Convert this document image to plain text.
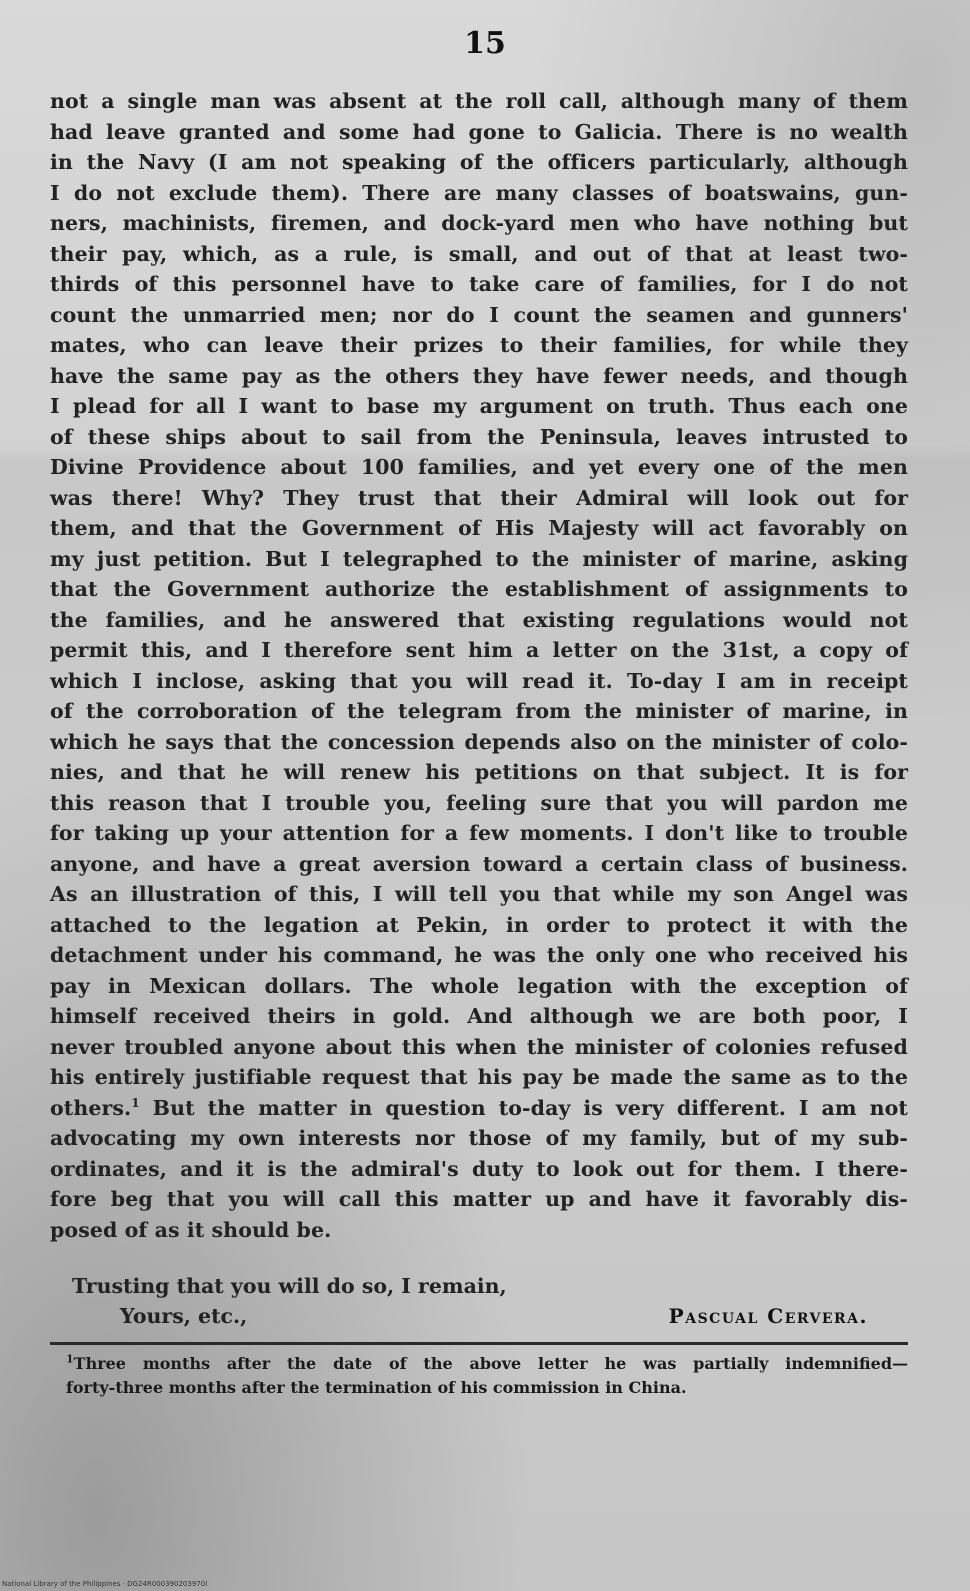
15
not a single man was absent at the roll call, although many of them
had leave granted and some had gone to Galicia. There is no wealth
in the Navy (I am not speaking of the officers particularly, although
I do not exclude them). There are many classes of boatswains, gun-
ners, machinists, firemen, and dock-yard men who have nothing but
their pay, which, as a rule, is small, and out of that at least two-
thirds of this personnel have to take care of families, for I do not
count the unmarried men; nor do I count the seamen and gunners'
mates, who can leave their prizes to their families, for while they
have the same pay as the others they have fewer needs, and though
I plead for all I want to base my argument on truth. Thus each one
of these ships about to sail from the Peninsula, leaves intrusted to
Divine Providence about 100 families, and yet every one of the men
was there! Why? They trust that their Admiral will look out for
them, and that the Government of His Majesty will act favorably on
my just petition. But I telegraphed to the minister of marine, asking
that the Government authorize the establishment of assignments to
the families, and he answered that existing regulations would not
permit this, and I therefore sent him a letter on the 31st, a copy of
which I inclose, asking that you will read it. To-day I am in receipt
of the corroboration of the telegram from the minister of marine, in
which he says that the concession depends also on the minister of colo-
nies, and that he will renew his petitions on that subject. It is for
this reason that I trouble you, feeling sure that you will pardon me
for taking up your attention for a few moments. I don't like to trouble
anyone, and have a great aversion toward a certain class of business.
As an illustration of this, I will tell you that while my son Angel was
attached to the legation at Pekin, in order to protect it with the
detachment under his command, he was the only one who received his
pay in Mexican dollars. The whole legation with the exception of
himself received theirs in gold. And although we are both poor, I
never troubled anyone about this when the minister of colonies refused
his entirely justifiable request that his pay be made the same as to the
others.$^1$ But the matter in question to-day is very different. I am not
advocating my own interests nor those of my family, but of my sub-
ordinates, and it is the admiral's duty to look out for them. I there-
fore beg that you will call this matter up and have it favorably dis-
posed of as it should be.
Trusting that you will do so, I remain,
Yours, etc.,	Pascual Cervera.
$^1$Three months after the date of the above letter he was partially indemnified—
forty-three months after the termination of his commission in China.
National Library of the Philippines · DG24R000390203970l
